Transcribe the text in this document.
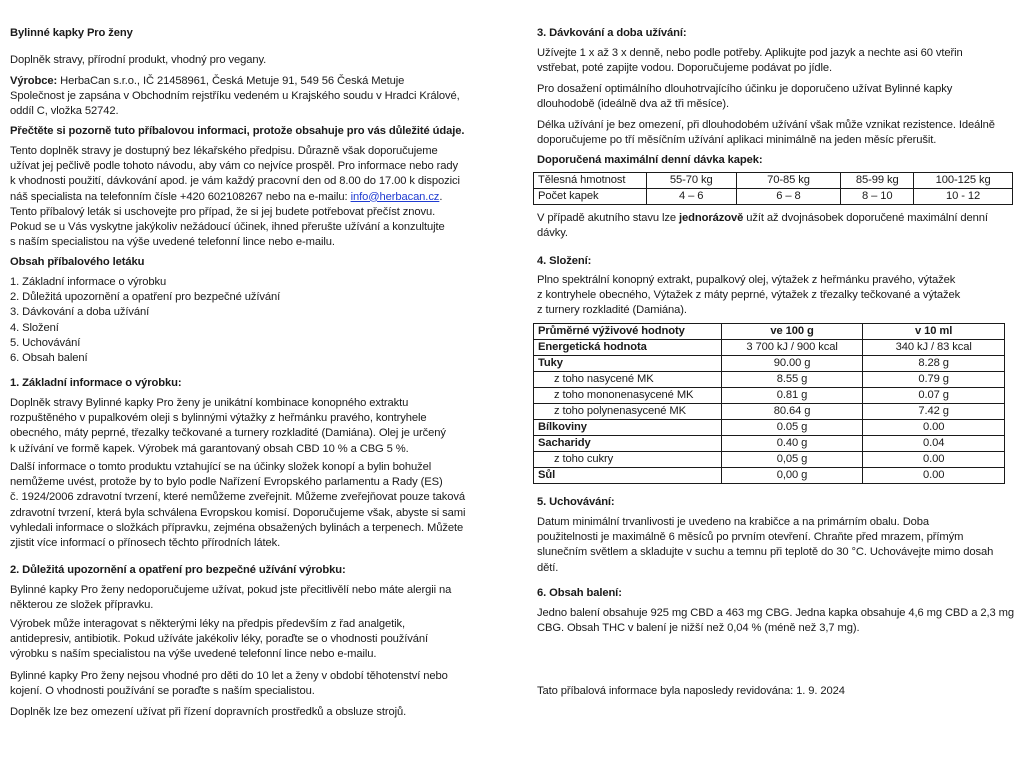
Bylinné kapky Pro ženy

Doplněk stravy, přírodní produkt, vhodný pro vegany.

Výrobce: HerbaCan s.r.o., IČ 21458961, Česká Metuje 91, 549 56 Česká Metuje

Společnost je zapsána v Obchodním rejstříku vedeném u Krajského soudu v Hradci Králové,

oddíl C, vložka 52742.

Přečtěte si pozorně tuto příbalovou informaci, protože obsahuje pro vás důležité údaje.

Tento doplněk stravy je dostupný bez lékařského předpisu. Důrazně však doporučujeme

užívat jej pečlivě podle tohoto návodu, aby vám co nejvíce prospěl. Pro informace nebo rady

k vhodnosti použití, dávkování apod. je vám každý pracovní den od 8.00 do 17.00 k dispozici

náš specialista na telefonním čísle +420 602108267 nebo na e-mailu: info@herbacan.cz.

Tento příbalový leták si uschovejte pro případ, že si jej budete potřebovat přečíst znovu.

Pokud se u Vás vyskytne jakýkoliv nežádoucí účinek, ihned přerušte užívání a konzultujte

s naším specialistou na výše uvedené telefonní lince nebo e-mailu.

Obsah příbalového letáku

1. Základní informace o výrobku

2. Důležitá upozornění a opatření pro bezpečné užívání

3. Dávkování a doba užívání

4. Složení

5. Uchovávání

6. Obsah balení

1. Základní informace o výrobku:

Doplněk stravy Bylinné kapky Pro ženy je unikátní kombinace konopného extraktu

rozpuštěného v pupalkovém oleji s bylinnými výtažky z heřmánku pravého, kontryhele

obecného, máty peprné, třezalky tečkované a turnery rozkladité (Damiána). Olej je určený

k užívání ve formě kapek. Výrobek má garantovaný obsah CBD 10 % a CBG 5 %.

Další informace o tomto produktu vztahující se na účinky složek konopí a bylin bohužel

nemůžeme uvést, protože by to bylo podle Nařízení Evropského parlamentu a Rady (ES)

č. 1924/2006 zdravotní tvrzení, které nemůžeme zveřejnit. Můžeme zveřejňovat pouze taková

zdravotní tvrzení, která byla schválena Evropskou komisí. Doporučujeme však, abyste si sami

vyhledali informace o složkách přípravku, zejména obsažených bylinách a terpenech. Můžete

zjistit více informací o přínosech těchto přírodních látek.

2. Důležitá upozornění a opatření pro bezpečné užívání výrobku:

Bylinné kapky Pro ženy nedoporučujeme užívat, pokud jste přecitlivělí nebo máte alergii na

některou ze složek přípravku.

Výrobek může interagovat s některými léky na předpis především z řad analgetik,

antidepresiv, antibiotik. Pokud užíváte jakékoliv léky, poraďte se o vhodnosti používání

výrobku s naším specialistou na výše uvedené telefonní lince nebo e-mailu.

Bylinné kapky Pro ženy nejsou vhodné pro děti do 10 let a ženy v období těhotenství nebo

kojení. O vhodnosti používání se poraďte s naším specialistou.

Doplněk lze bez omezení užívat při řízení dopravních prostředků a obsluze strojů.

3. Dávkování a doba užívání:

Užívejte 1 x až 3 x denně, nebo podle potřeby. Aplikujte pod jazyk a nechte asi 60 vteřin

vstřebat, poté zapijte vodou. Doporučujeme podávat po jídle.

Pro dosažení optimálního dlouhotrvajícího účinku je doporučeno užívat Bylinné kapky

dlouhodobě (ideálně dva až tři měsíce).

Délka užívání je bez omezení, při dlouhodobém užívání však může vznikat rezistence. Ideálně

doporučujeme po tří měsíčním užívání aplikaci minimálně na jeden měsíc přerušit.

Doporučená maximální denní dávka kapek:

Tělesná hmotnost	55-70 kg	70-85 kg	85-99 kg	100-125 kg
Počet kapek	4 – 6	6 – 8	8 – 10	10 - 12

V případě akutního stavu lze jednorázově užít až dvojnásobek doporučené maximální denní

dávky.

4. Složení:

Plno spektrální konopný extrakt, pupalkový olej, výtažek z heřmánku pravého, výtažek

z kontryhele obecného, Výtažek z máty peprné, výtažek z třezalky tečkované a výtažek

z turnery rozkladité (Damiána).

Průměrné výživové hodnoty	ve 100 g	v 10 ml
Energetická hodnota	3 700 kJ / 900 kcal	340 kJ / 83 kcal
Tuky	90.00 g	8.28 g
z toho nasycené MK	8.55 g	0.79 g
z toho mononenasycené MK	0.81 g	0.07 g
z toho polynenasycené MK	80.64 g	7.42 g
Bílkoviny	0.05 g	0.00
Sacharidy	0.40 g	0.04
z toho cukry	0,05 g	0.00
Sůl	0,00 g	0.00

5. Uchovávání:

Datum minimální trvanlivosti je uvedeno na krabičce a na primárním obalu. Doba

použitelnosti je maximálně 6 měsíců po prvním otevření. Chraňte před mrazem, přímým

slunečním světlem a skladujte v suchu a temnu při teplotě do 30 °C. Uchovávejte mimo dosah

dětí.

6. Obsah balení:

Jedno balení obsahuje 925 mg CBD a 463 mg CBG. Jedna kapka obsahuje 4,6 mg CBD a 2,3 mg

CBG. Obsah THC v balení je nižší než 0,04 % (méně než 3,7 mg).

Tato příbalová informace byla naposledy revidována: 1. 9. 2024
